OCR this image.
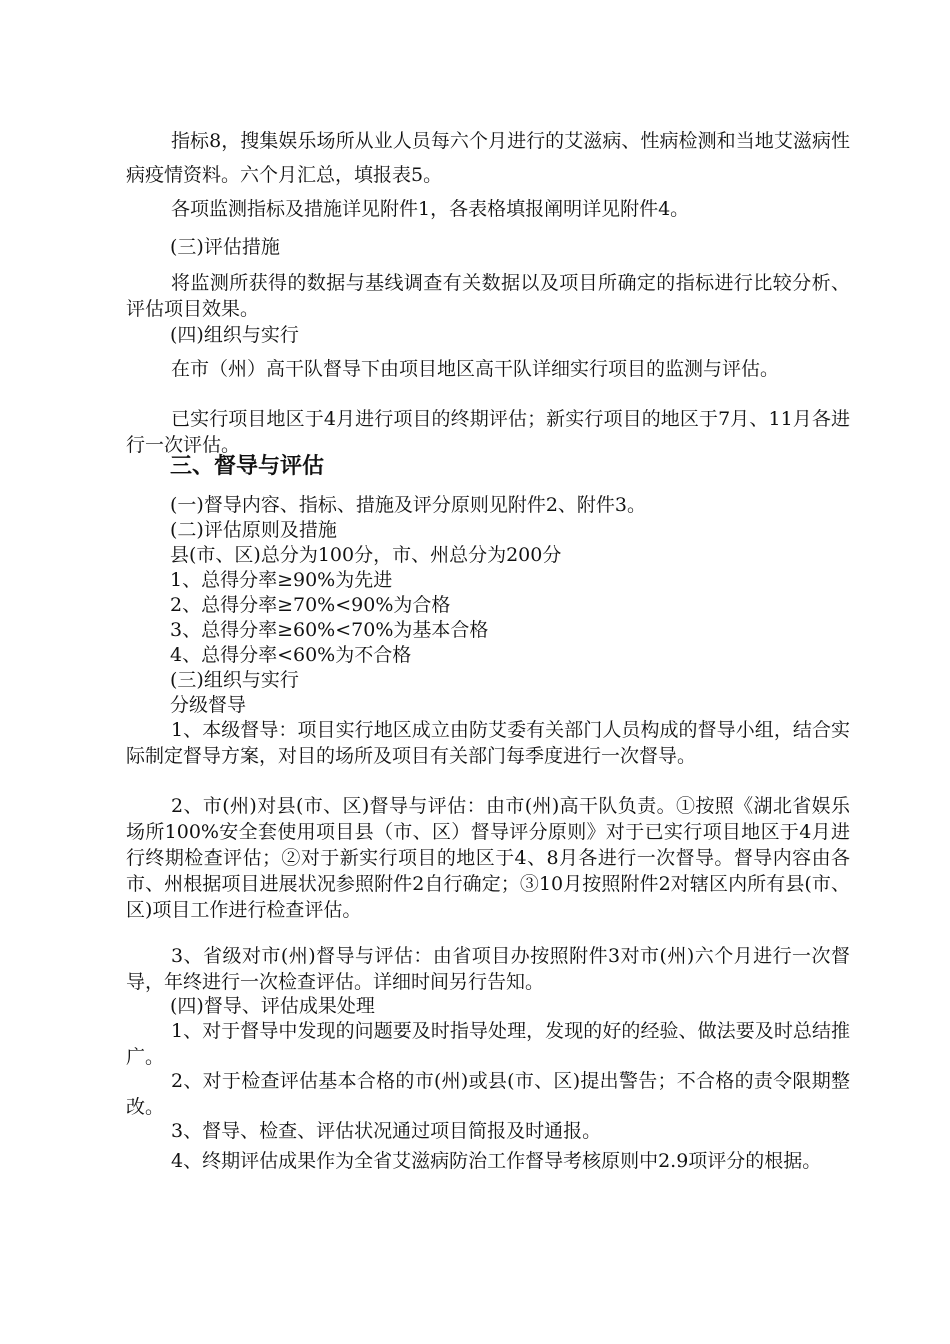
指标8，搜集娱乐场所从业人员每六个月进行的艾滋病、性病检测和当地艾滋病性病疫情资料。六个月汇总，填报表5。

各项监测指标及措施详见附件1，各表格填报阐明详见附件4。

(三)评估措施

将监测所获得的数据与基线调查有关数据以及项目所确定的指标进行比较分析、评估项目效果。

(四)组织与实行

在市（州）高干队督导下由项目地区高干队详细实行项目的监测与评估。

已实行项目地区于4月进行项目的终期评估；新实行项目的地区于7月、11月各进行一次评估。

三、督导与评估

(一)督导内容、指标、措施及评分原则见附件2、附件3。

(二)评估原则及措施

县(市、区)总分为100分，市、州总分为200分

1、总得分率≥90%为先进

2、总得分率≥70%<90%为合格

3、总得分率≥60%<70%为基本合格

4、总得分率<60%为不合格

(三)组织与实行

分级督导

1、本级督导：项目实行地区成立由防艾委有关部门人员构成的督导小组，结合实际制定督导方案，对目的场所及项目有关部门每季度进行一次督导。

2、市(州)对县(市、区)督导与评估：由市(州)高干队负责。①按照《湖北省娱乐场所100%安全套使用项目县（市、区）督导评分原则》对于已实行项目地区于4月进行终期检查评估；②对于新实行项目的地区于4、8月各进行一次督导。督导内容由各市、州根据项目进展状况参照附件2自行确定；③10月按照附件2对辖区内所有县(市、区)项目工作进行检查评估。

3、省级对市(州)督导与评估：由省项目办按照附件3对市(州)六个月进行一次督导，年终进行一次检查评估。详细时间另行告知。

(四)督导、评估成果处理

1、对于督导中发现的问题要及时指导处理，发现的好的经验、做法要及时总结推广。

2、对于检查评估基本合格的市(州)或县(市、区)提出警告；不合格的责令限期整改。

3、督导、检查、评估状况通过项目简报及时通报。

4、终期评估成果作为全省艾滋病防治工作督导考核原则中2.9项评分的根据。
